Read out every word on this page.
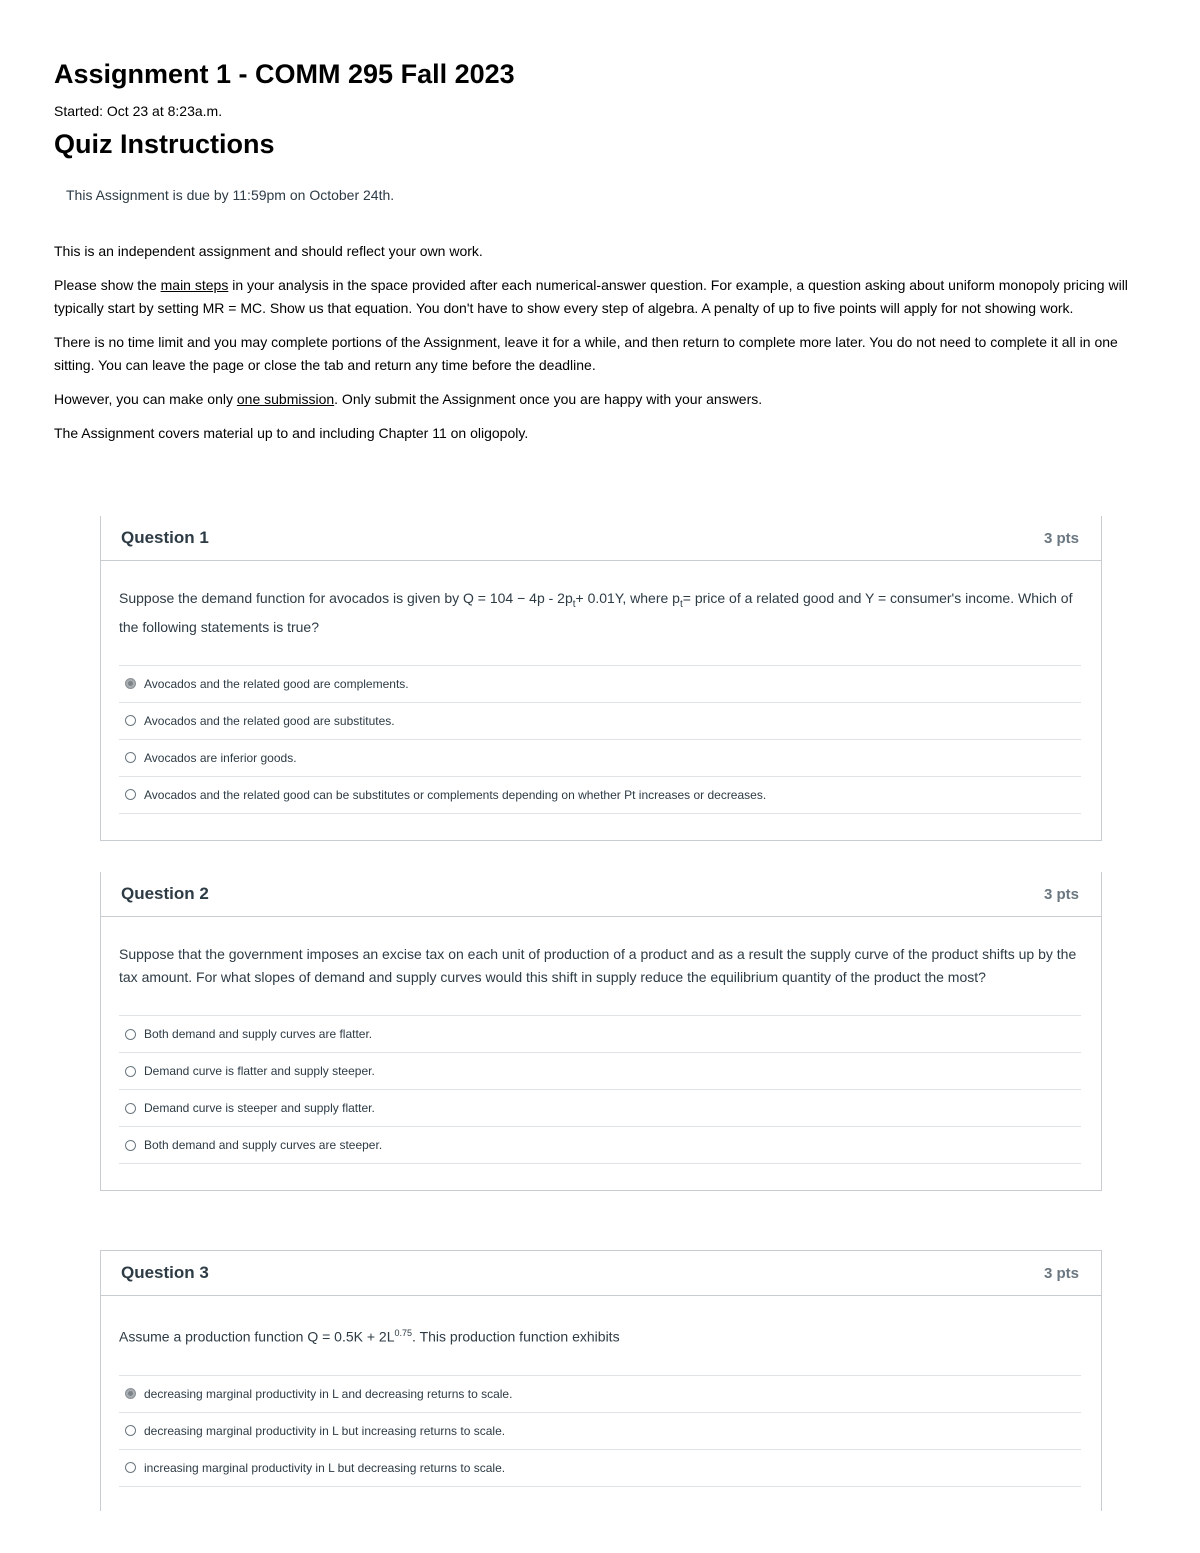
Assignment 1 - COMM 295 Fall 2023
Started: Oct 23 at 8:23a.m.
Quiz Instructions
This Assignment is due by 11:59pm on October 24th.

This is an independent assignment and should reflect your own work.

Please show the main steps in your analysis in the space provided after each numerical-answer question. For example, a question asking about uniform monopoly pricing will typically start by setting MR = MC. Show us that equation. You don't have to show every step of algebra. A penalty of up to five points will apply for not showing work.

There is no time limit and you may complete portions of the Assignment, leave it for a while, and then return to complete more later. You do not need to complete it all in one sitting. You can leave the page or close the tab and return any time before the deadline.

However, you can make only one submission. Only submit the Assignment once you are happy with your answers.

The Assignment covers material up to and including Chapter 11 on oligopoly.

Question 1	3 pts

Suppose the demand function for avocados is given by $Q = 104 - 4p - 2p_t+ 0.01Y$, where $p_t=$ price of a related good and Y = consumer's income. Which of the following statements is true?

Avocados and the related good are complements.
Avocados and the related good are substitutes.
Avocados are inferior goods.
Avocados and the related good can be substitutes or complements depending on whether Pt increases or decreases.
Question 2	3 pts

Suppose that the government imposes an excise tax on each unit of production of a product and as a result the supply curve of the product shifts up by the tax amount. For what slopes of demand and supply curves would this shift in supply reduce the equilibrium quantity of the product the most?

Both demand and supply curves are flatter.
Demand curve is flatter and supply steeper.
Demand curve is steeper and supply flatter.
Both demand and supply curves are steeper.
Question 3	3 pts

Assume a production function $Q = 0.5K + 2L^{0.75}$. This production function exhibits

decreasing marginal productivity in L and decreasing returns to scale.
decreasing marginal productivity in L but increasing returns to scale.
increasing marginal productivity in L but decreasing returns to scale.
